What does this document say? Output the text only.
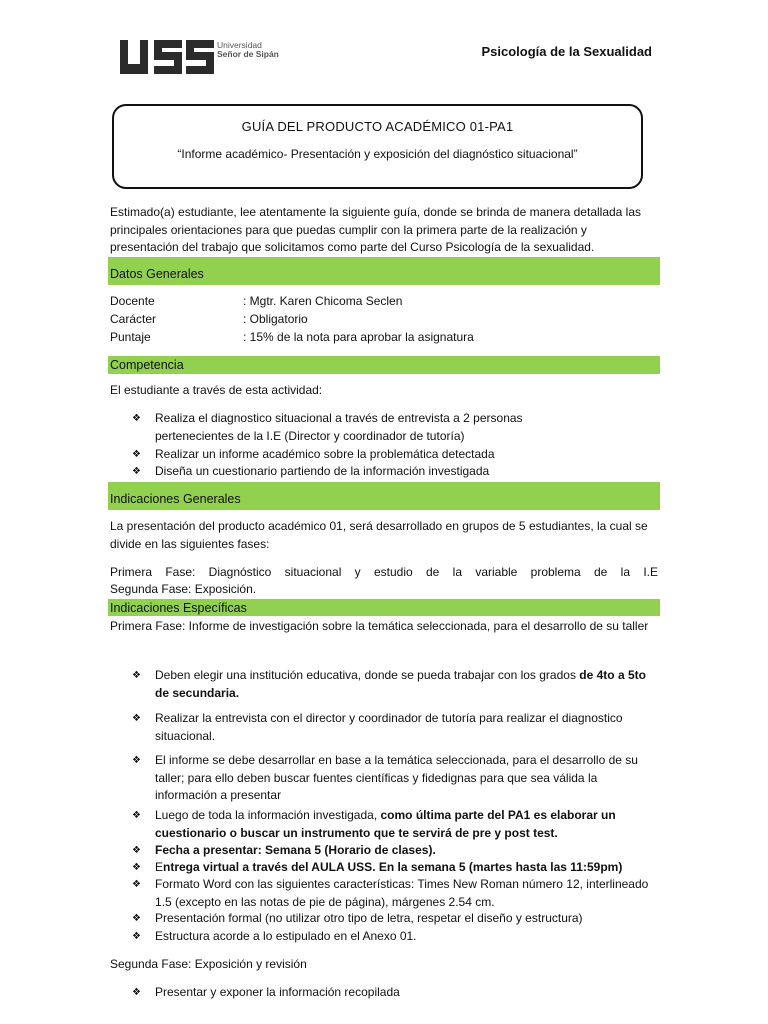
Universidad
Señor de Sipán	Psicología de la Sexualidad
GUÍA DEL PRODUCTO ACADÉMICO 01-PA1
“Informe académico- Presentación y exposición del diagnóstico situacional”
Estimado(a) estudiante, lee atentamente la siguiente guía, donde se brinda de manera detallada las principales orientaciones para que puedas cumplir con la primera parte de la realización y presentación del trabajo que solicitamos como parte del Curso Psicología de la sexualidad.
Datos Generales
Docente	: Mgtr. Karen Chicoma Seclen
Carácter	: Obligatorio
Puntaje	: 15% de la nota para aprobar la asignatura
Competencia
El estudiante a través de esta actividad:
❖ Realiza el diagnostico situacional a través de entrevista a 2 personas
pertenecientes de la I.E (Director y coordinador de tutoría)
❖ Realizar un informe académico sobre la problemática detectada
❖ Diseña un cuestionario partiendo de la información investigada
Indicaciones Generales
La presentación del producto académico 01, será desarrollado en grupos de 5 estudiantes, la cual se divide en las siguientes fases:
Primera Fase: Diagnóstico situacional y estudio de la variable problema de la I.E
Segunda Fase: Exposición.
Indicaciones Específicas
Primera Fase: Informe de investigación sobre la temática seleccionada, para el desarrollo de su taller
❖ Deben elegir una institución educativa, donde se pueda trabajar con los grados de 4to a 5to de secundaria.
❖ Realizar la entrevista con el director y coordinador de tutoría para realizar el diagnostico situacional.
❖ El informe se debe desarrollar en base a la temática seleccionada, para el desarrollo de su taller; para ello deben buscar fuentes científicas y fidedignas para que sea válida la información a presentar
❖ Luego de toda la información investigada, como última parte del PA1 es elaborar un cuestionario o buscar un instrumento que te servirá de pre y post test.
❖ Fecha a presentar: Semana 5 (Horario de clases).
❖ Entrega virtual a través del AULA USS. En la semana 5 (martes hasta las 11:59pm)
❖ Formato Word con las siguientes características: Times New Roman número 12, interlineado 1.5 (excepto en las notas de pie de página), márgenes 2.54 cm.
❖ Presentación formal (no utilizar otro tipo de letra, respetar el diseño y estructura)
❖ Estructura acorde a lo estipulado en el Anexo 01.
Segunda Fase: Exposición y revisión
❖ Presentar y exponer la información recopilada
